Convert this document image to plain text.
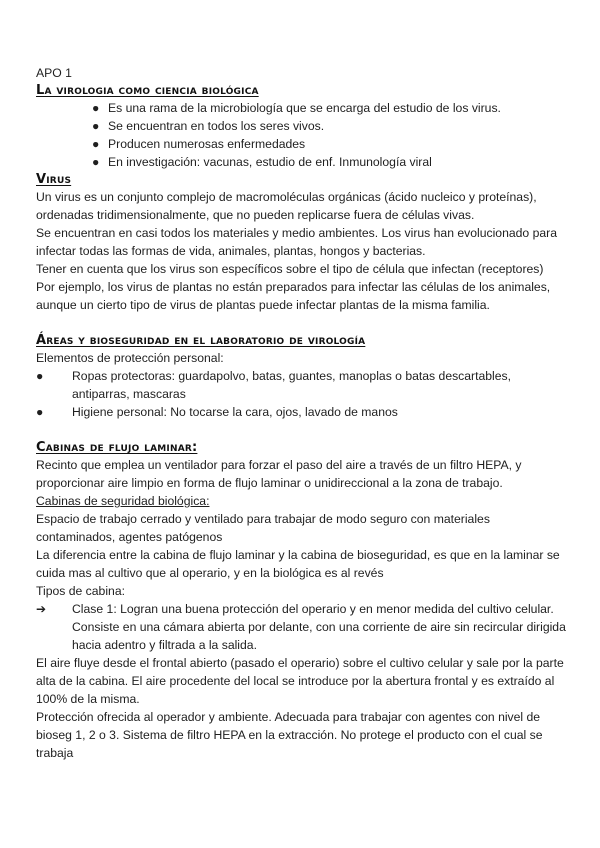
APO 1

La virologia como ciencia biológica
● Es una rama de la microbiología que se encarga del estudio de los virus.
● Se encuentran en todos los seres vivos.
● Producen numerosas enfermedades
● En investigación: vacunas, estudio de enf. Inmunología viral
Virus

Un virus es un conjunto complejo de macromoléculas orgánicas (ácido nucleico y proteínas), ordenadas tridimensionalmente, que no pueden replicarse fuera de células vivas.

Se encuentran en casi todos los materiales y medio ambientes. Los virus han evolucionado para infectar todas las formas de vida, animales, plantas, hongos y bacterias.

Tener en cuenta que los virus son específicos sobre el tipo de célula que infectan (receptores)

Por ejemplo, los virus de plantas no están preparados para infectar las células de los animales, aunque un cierto tipo de virus de plantas puede infectar plantas de la misma familia.

Áreas y bioseguridad en el laboratorio de virología

Elementos de protección personal:

● Ropas protectoras: guardapolvo, batas, guantes, manoplas o batas descartables, antiparras, mascaras

● Higiene personal: No tocarse la cara, ojos, lavado de manos

Cabinas de flujo laminar:

Recinto que emplea un ventilador para forzar el paso del aire a través de un filtro HEPA, y proporcionar aire limpio en forma de flujo laminar o unidireccional a la zona de trabajo.

Cabinas de seguridad biológica:

Espacio de trabajo cerrado y ventilado para trabajar de modo seguro con materiales contaminados, agentes patógenos

La diferencia entre la cabina de flujo laminar y la cabina de bioseguridad, es que en la laminar se cuida mas al cultivo que al operario, y en la biológica es al revés

Tipos de cabina:

➔ Clase 1: Logran una buena protección del operario y en menor medida del cultivo celular. Consiste en una cámara abierta por delante, con una corriente de aire sin recircular dirigida hacia adentro y filtrada a la salida.

El aire fluye desde el frontal abierto (pasado el operario) sobre el cultivo celular y sale por la parte alta de la cabina. El aire procedente del local se introduce por la abertura frontal y es extraído al 100% de la misma.

Protección ofrecida al operador y ambiente. Adecuada para trabajar con agentes con nivel de bioseg 1, 2 o 3. Sistema de filtro HEPA en la extracción. No protege el producto con el cual se trabaja
